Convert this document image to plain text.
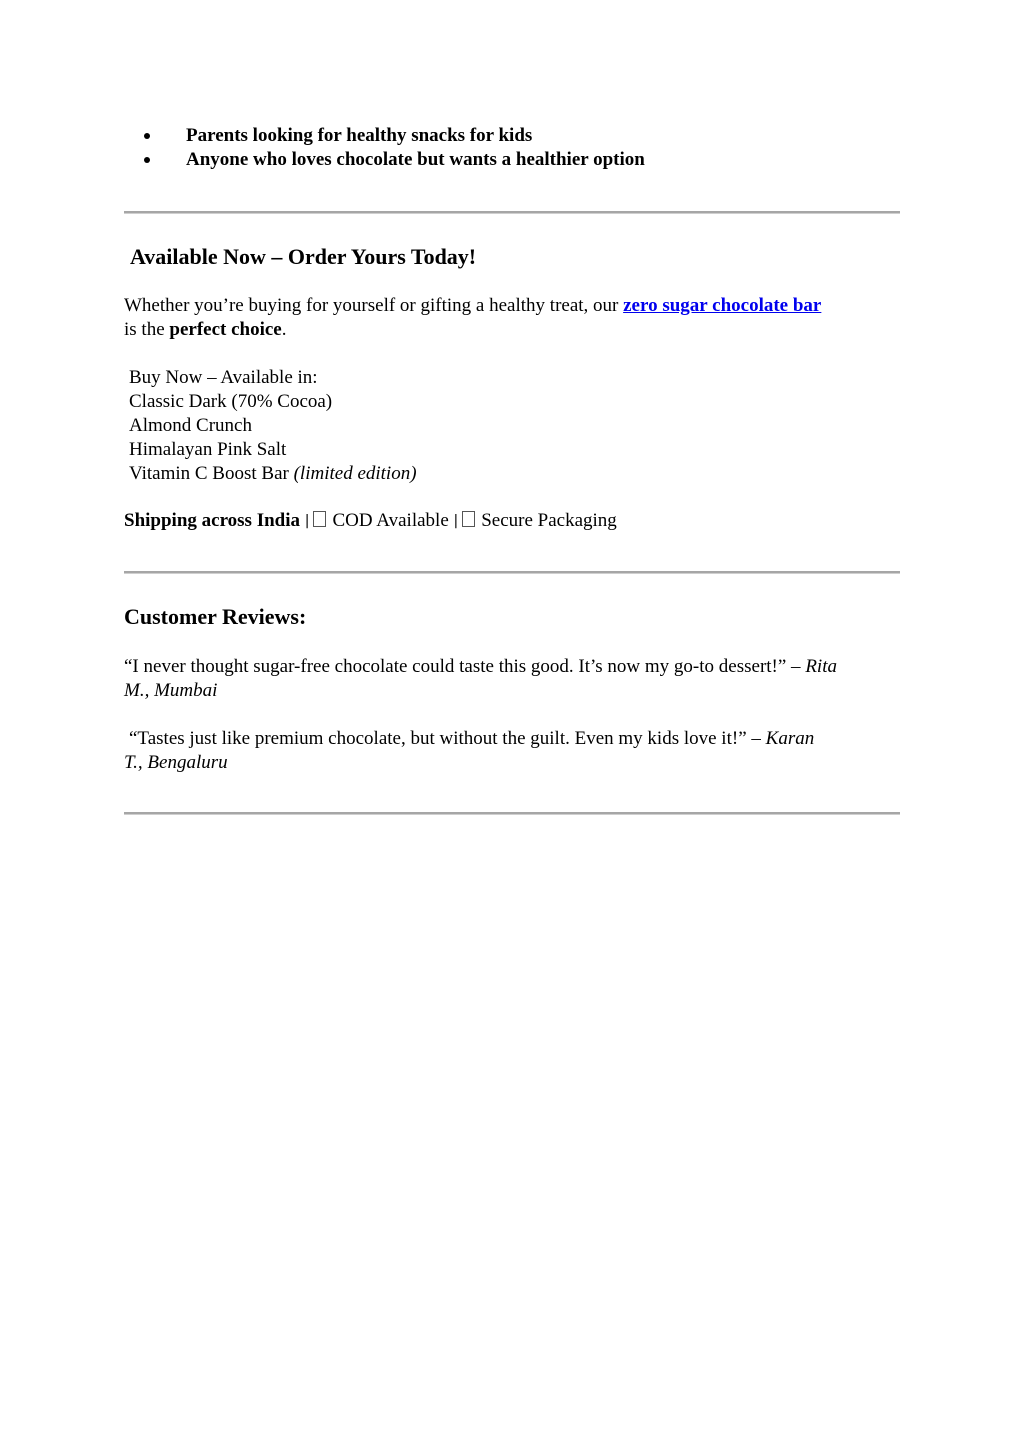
Parents looking for healthy snacks for kids
Anyone who loves chocolate but wants a healthier option
Available Now – Order Yours Today!
Whether you’re buying for yourself or gifting a healthy treat, our zero sugar chocolate bar
is the perfect choice.
Buy Now – Available in:
Classic Dark (70% Cocoa)
Almond Crunch
Himalayan Pink Salt
Vitamin C Boost Bar (limited edition)
Shipping across India | COD Available | Secure Packaging
Customer Reviews:
“I never thought sugar-free chocolate could taste this good. It’s now my go-to dessert!” – Rita
M., Mumbai
“Tastes just like premium chocolate, but without the guilt. Even my kids love it!” – Karan
T., Bengaluru
